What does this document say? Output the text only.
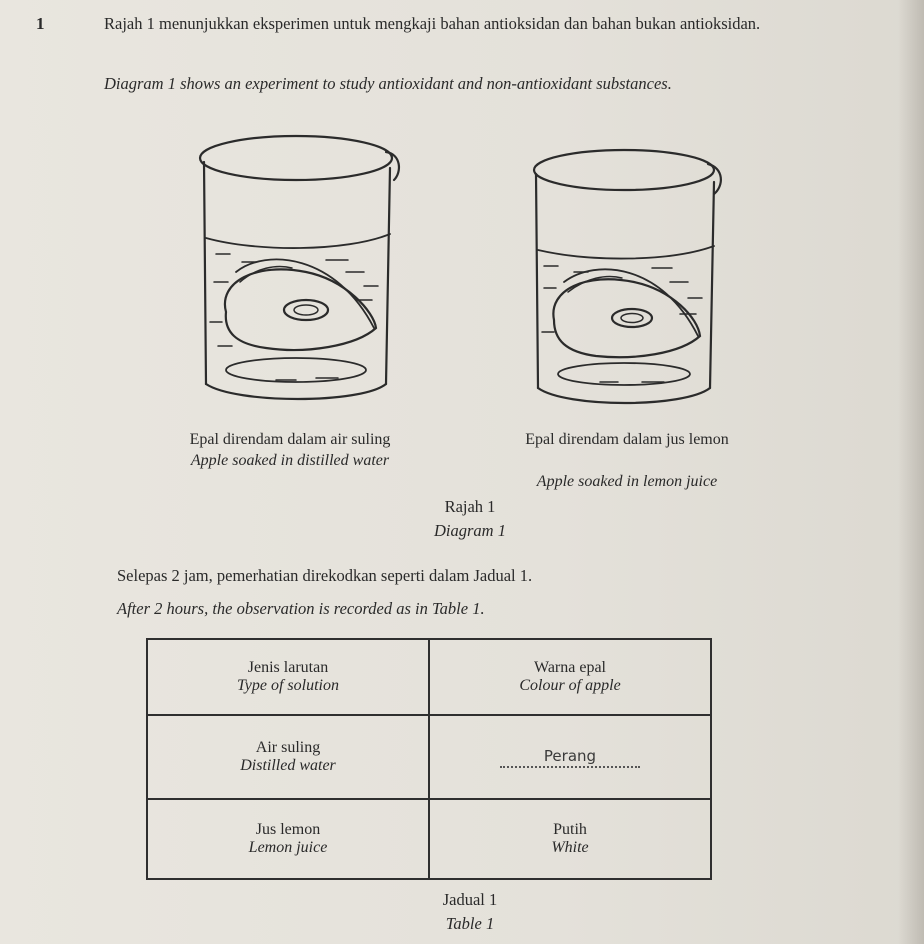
1	Rajah 1 menunjukkan eksperimen untuk mengkaji bahan antioksidan dan bahan bukan antioksidan.
Diagram 1 shows an experiment to study antioxidant and non-antioxidant substances.
Epal direndam dalam air suling
Apple soaked in distilled water
Epal direndam dalam jus lemon

Apple soaked in lemon juice
Rajah 1
Diagram 1
Selepas 2 jam, pemerhatian direkodkan seperti dalam Jadual 1.
After 2 hours, the observation is recorded as in Table 1.
Jenis larutan
Type of solution	Warna epal
Colour of apple

Air suling
Distilled water	Perang

Jus lemon
Lemon juice	Putih
White
Jadual 1
Table 1
